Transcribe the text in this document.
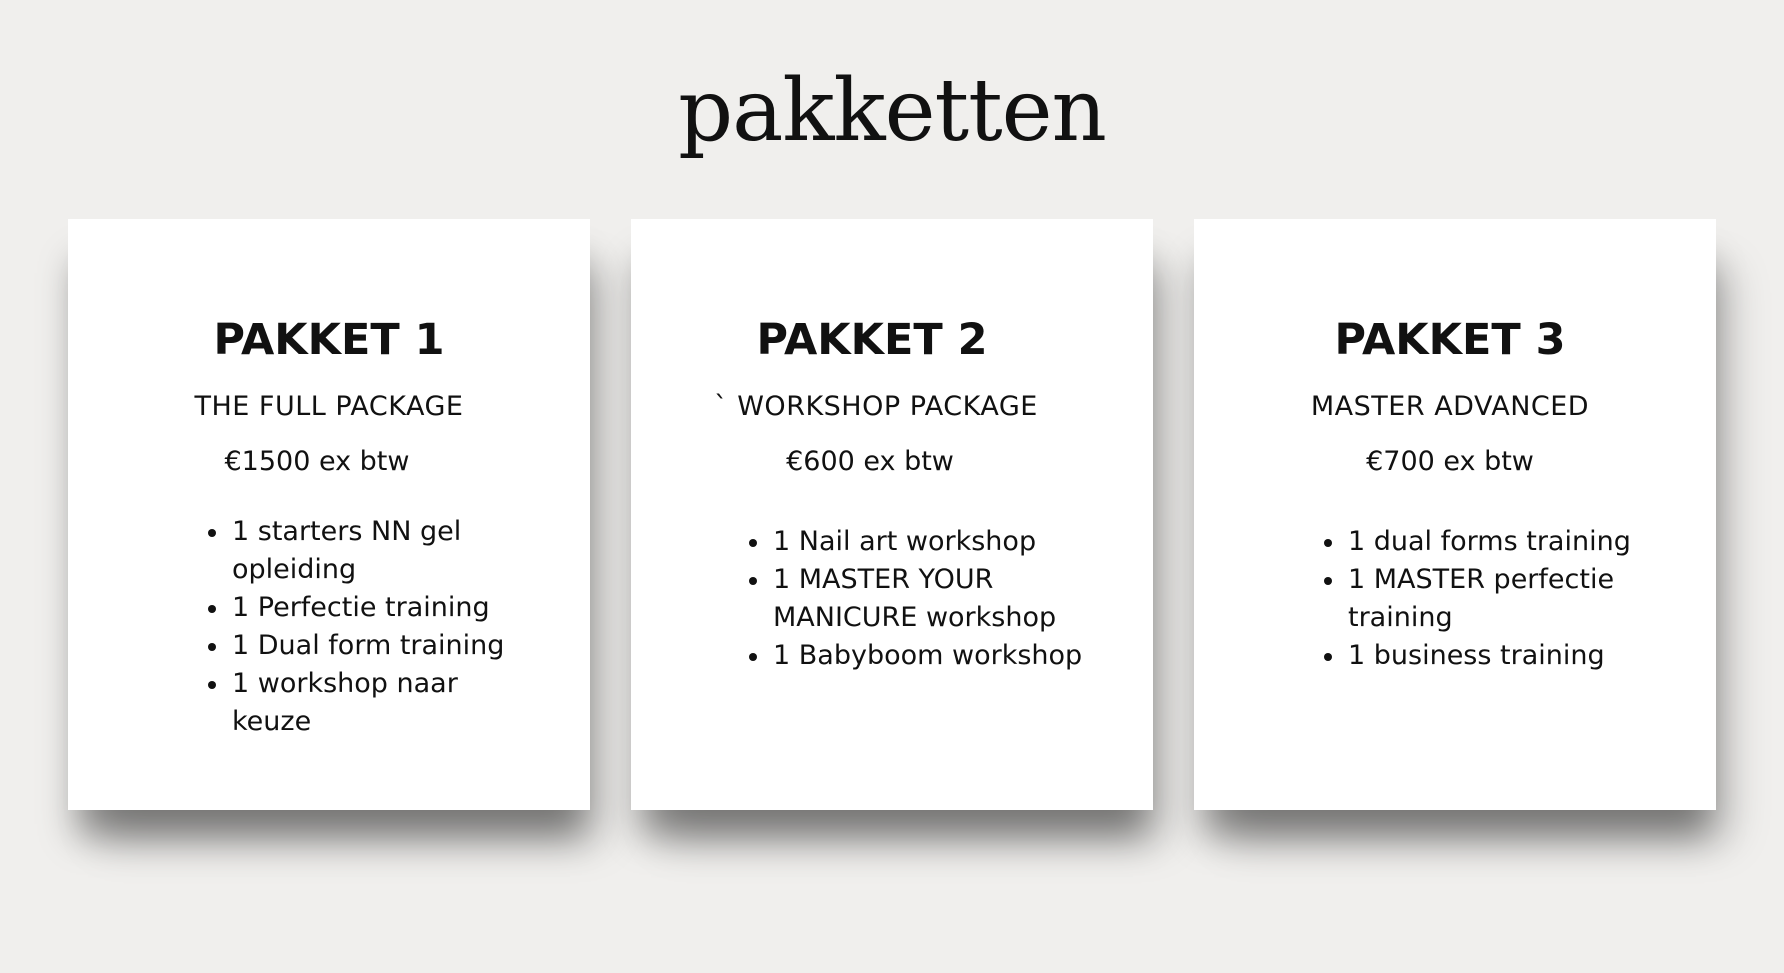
pakketten
PAKKET 1

THE FULL PACKAGE

€1500 ex btw

1 starters NN gel opleiding
1 Perfectie training
1 Dual form training
1 workshop naar keuze
PAKKET 2

` WORKSHOP PACKAGE

€600 ex btw

1 Nail art workshop
1 MASTER YOUR MANICURE workshop
1 Babyboom workshop
PAKKET 3

MASTER ADVANCED

€700 ex btw

1 dual forms training
1 MASTER perfectie training
1 business training
